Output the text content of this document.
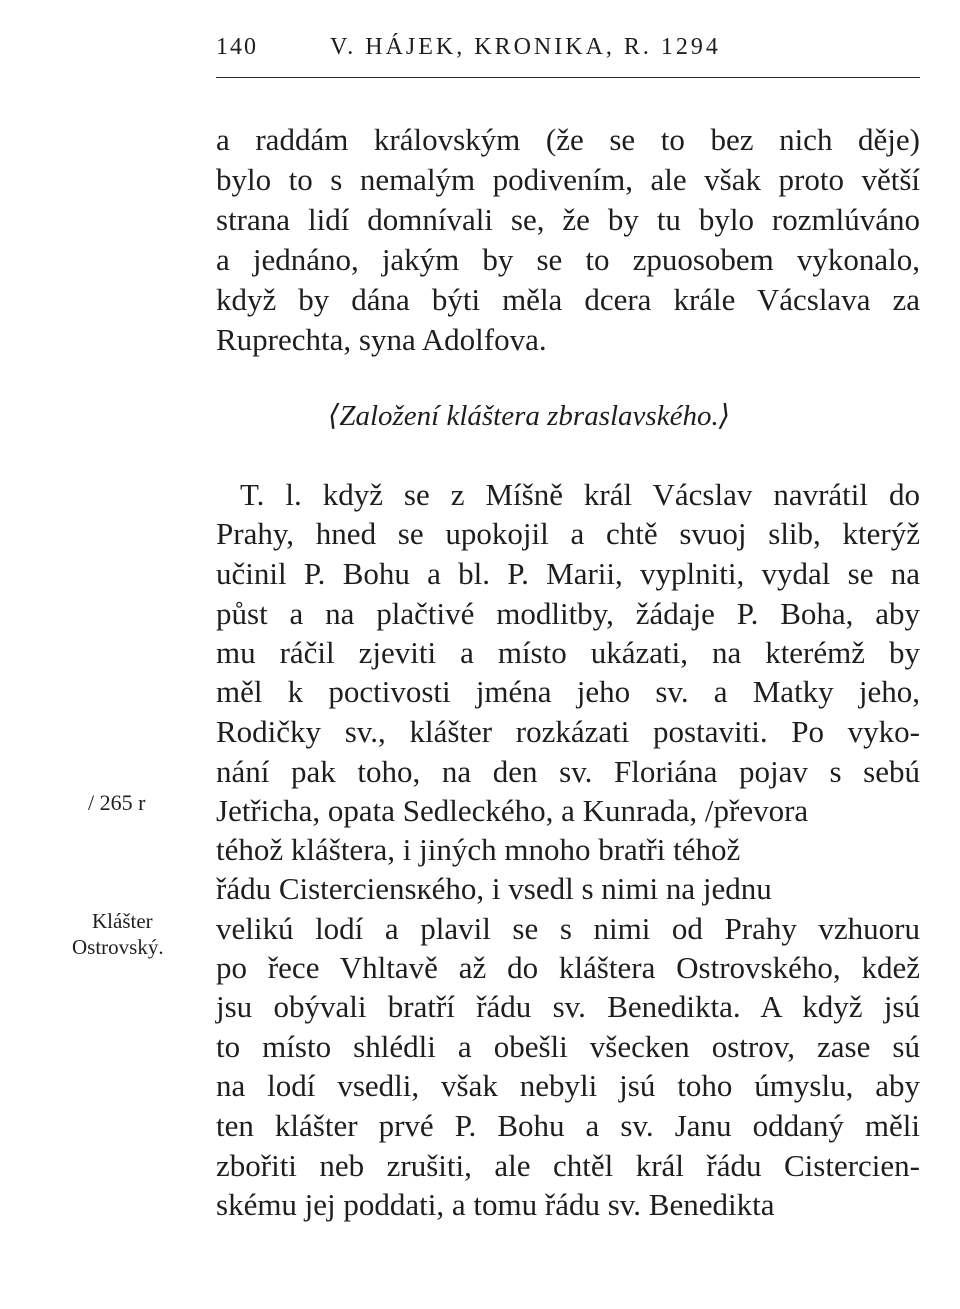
140	V. HÁJEK, KRONIKA, R. 1294
a raddám královským (že se to bez nich děje)
bylo to s nemalým podivením, ale však proto větší
strana lidí domnívali se, že by tu bylo rozmlúváno
a jednáno, jakým by se to zpuosobem vykonalo,
když by dána býti měla dcera krále Vácslava za
Ruprechta, syna Adolfova.
⟨Založení kláštera zbraslavského.⟩
T. l. když se z Míšně král Vácslav navrátil do
Prahy, hned se upokojil a chtě svuoj slib, kterýž
učinil P. Bohu a bl. P. Marii, vyplniti, vydal se na
půst a na plačtivé modlitby, žádaje P. Boha, aby
mu ráčil zjeviti a místo ukázati, na kterémž by
měl k poctivosti jména jeho sv. a Matky jeho,
Rodičky sv., klášter rozkázati postaviti. Po vyko-
nání pak toho, na den sv. Floriána pojav s sebú
Jetřicha, opata Sedleckého, a Kunrada, /převora
téhož kláštera, i jiných mnoho bratři téhož
řádu Cisterciensкého, i vsedl s nimi na jednu
velikú lodí a plavil se s nimi od Prahy vzhuoru
po řece Vhltavě až do kláštera Ostrovského, kdež
jsu obývali bratří řádu sv. Benedikta. A když jsú
to místo shlédli a obešli všecken ostrov, zase sú
na lodí vsedli, však nebyli jsú toho úmyslu, aby
ten klášter prvé P. Bohu a sv. Janu oddaný měli
zbořiti neb zrušiti, ale chtěl král řádu Cistercien-
skému jej poddati, a tomu řádu sv. Benedikta
/ 265 r
Klášter
Ostrovský.
